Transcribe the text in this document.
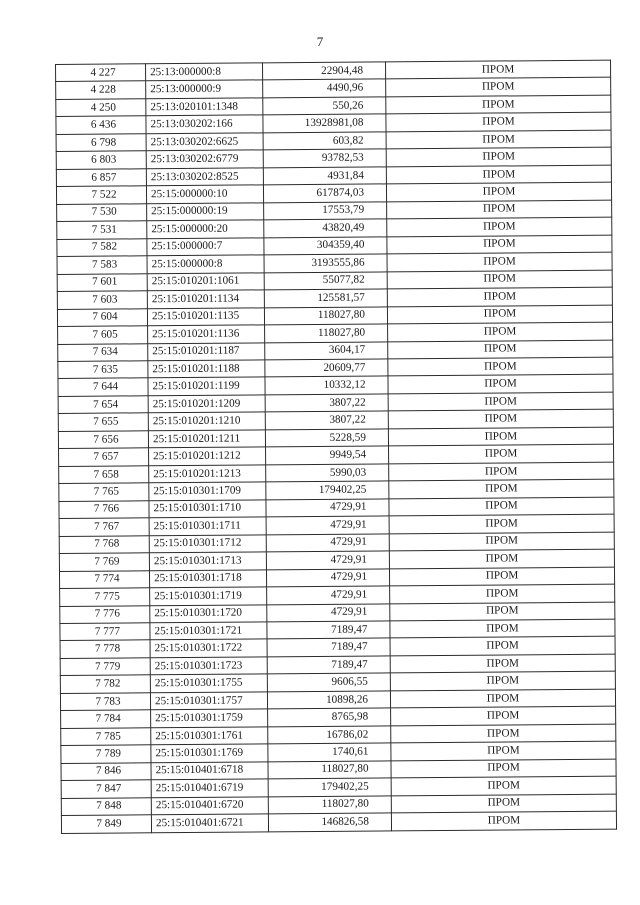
7
4 227	25:13:000000:8	22904,48	ПРОМ
4 228	25:13:000000:9	4490,96	ПРОМ
4 250	25:13:020101:1348	550,26	ПРОМ
6 436	25:13:030202:166	13928981,08	ПРОМ
6 798	25:13:030202:6625	603,82	ПРОМ
6 803	25:13:030202:6779	93782,53	ПРОМ
6 857	25:13:030202:8525	4931,84	ПРОМ
7 522	25:15:000000:10	617874,03	ПРОМ
7 530	25:15:000000:19	17553,79	ПРОМ
7 531	25:15:000000:20	43820,49	ПРОМ
7 582	25:15:000000:7	304359,40	ПРОМ
7 583	25:15:000000:8	3193555,86	ПРОМ
7 601	25:15:010201:1061	55077,82	ПРОМ
7 603	25:15:010201:1134	125581,57	ПРОМ
7 604	25:15:010201:1135	118027,80	ПРОМ
7 605	25:15:010201:1136	118027,80	ПРОМ
7 634	25:15:010201:1187	3604,17	ПРОМ
7 635	25:15:010201:1188	20609,77	ПРОМ
7 644	25:15:010201:1199	10332,12	ПРОМ
7 654	25:15:010201:1209	3807,22	ПРОМ
7 655	25:15:010201:1210	3807,22	ПРОМ
7 656	25:15:010201:1211	5228,59	ПРОМ
7 657	25:15:010201:1212	9949,54	ПРОМ
7 658	25:15:010201:1213	5990,03	ПРОМ
7 765	25:15:010301:1709	179402,25	ПРОМ
7 766	25:15:010301:1710	4729,91	ПРОМ
7 767	25:15:010301:1711	4729,91	ПРОМ
7 768	25:15:010301:1712	4729,91	ПРОМ
7 769	25:15:010301:1713	4729,91	ПРОМ
7 774	25:15:010301:1718	4729,91	ПРОМ
7 775	25:15:010301:1719	4729,91	ПРОМ
7 776	25:15:010301:1720	4729,91	ПРОМ
7 777	25:15:010301:1721	7189,47	ПРОМ
7 778	25:15:010301:1722	7189,47	ПРОМ
7 779	25:15:010301:1723	7189,47	ПРОМ
7 782	25:15:010301:1755	9606,55	ПРОМ
7 783	25:15:010301:1757	10898,26	ПРОМ
7 784	25:15:010301:1759	8765,98	ПРОМ
7 785	25:15:010301:1761	16786,02	ПРОМ
7 789	25:15:010301:1769	1740,61	ПРОМ
7 846	25:15:010401:6718	118027,80	ПРОМ
7 847	25:15:010401:6719	179402,25	ПРОМ
7 848	25:15:010401:6720	118027,80	ПРОМ
7 849	25:15:010401:6721	146826,58	ПРОМ
